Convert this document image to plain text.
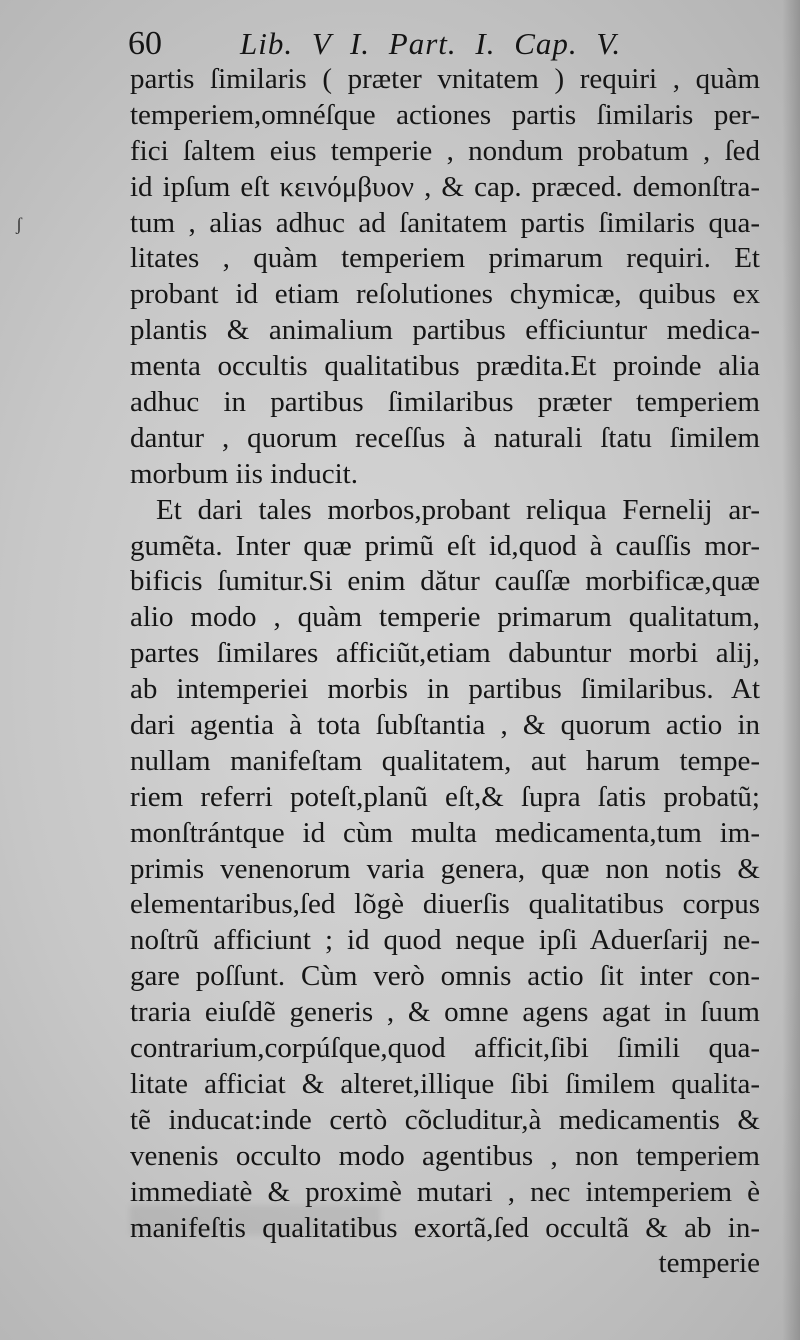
60	Lib. V I. Part. I. Cap. V.
ʃ
partis ſimilaris ( præter vnitatem ) requiri , quàm
temperiem,omnéſque actiones partis ſimilaris per-
fici ſaltem eius temperie , nondum probatum , ſed
id ipſum eſt κεινόμβυον , & cap. præced. demonſtra-
tum , alias adhuc ad ſanitatem partis ſimilaris qua-
litates , quàm temperiem primarum requiri. Et
probant id etiam reſolutiones chymicæ, quibus ex
plantis & animalium partibus efficiuntur medica-
menta occultis qualitatibus prædita.Et proinde alia
adhuc in partibus ſimilaribus præter temperiem
dantur , quorum receſſus à naturali ſtatu ſimilem
morbum iis inducit.
Et dari tales morbos,probant reliqua Fernelij ar-
gumẽta. Inter quæ primũ eſt id,quod à cauſſis mor-
bificis ſumitur.Si enim dătur cauſſæ morbificæ,quæ
alio modo , quàm temperie primarum qualitatum,
partes ſimilares afficiũt,etiam dabuntur morbi alij,
ab intemperiei morbis in partibus ſimilaribus. At
dari agentia à tota ſubſtantia , & quorum actio in
nullam manifeſtam qualitatem, aut harum tempe-
riem referri poteſt,planũ eſt,& ſupra ſatis probatũ;
monſtrántque id cùm multa medicamenta,tum im-
primis venenorum varia genera, quæ non notis &
elementaribus,ſed lõgè diuerſis qualitatibus corpus
noſtrũ afficiunt ; id quod neque ipſi Aduerſarij ne-
gare poſſunt. Cùm verò omnis actio ſit inter con-
traria eiuſdẽ generis , & omne agens agat in ſuum
contrarium,corpúſque,quod afficit,ſibi ſimili qua-
litate afficiat & alteret,illique ſibi ſimilem qualita-
tẽ inducat:inde certò cõcluditur,à medicamentis &
venenis occulto modo agentibus , non temperiem
immediatè & proximè mutari , nec intemperiem è
manifeſtis qualitatibus exortã,ſed occultã & ab in-
temperie
